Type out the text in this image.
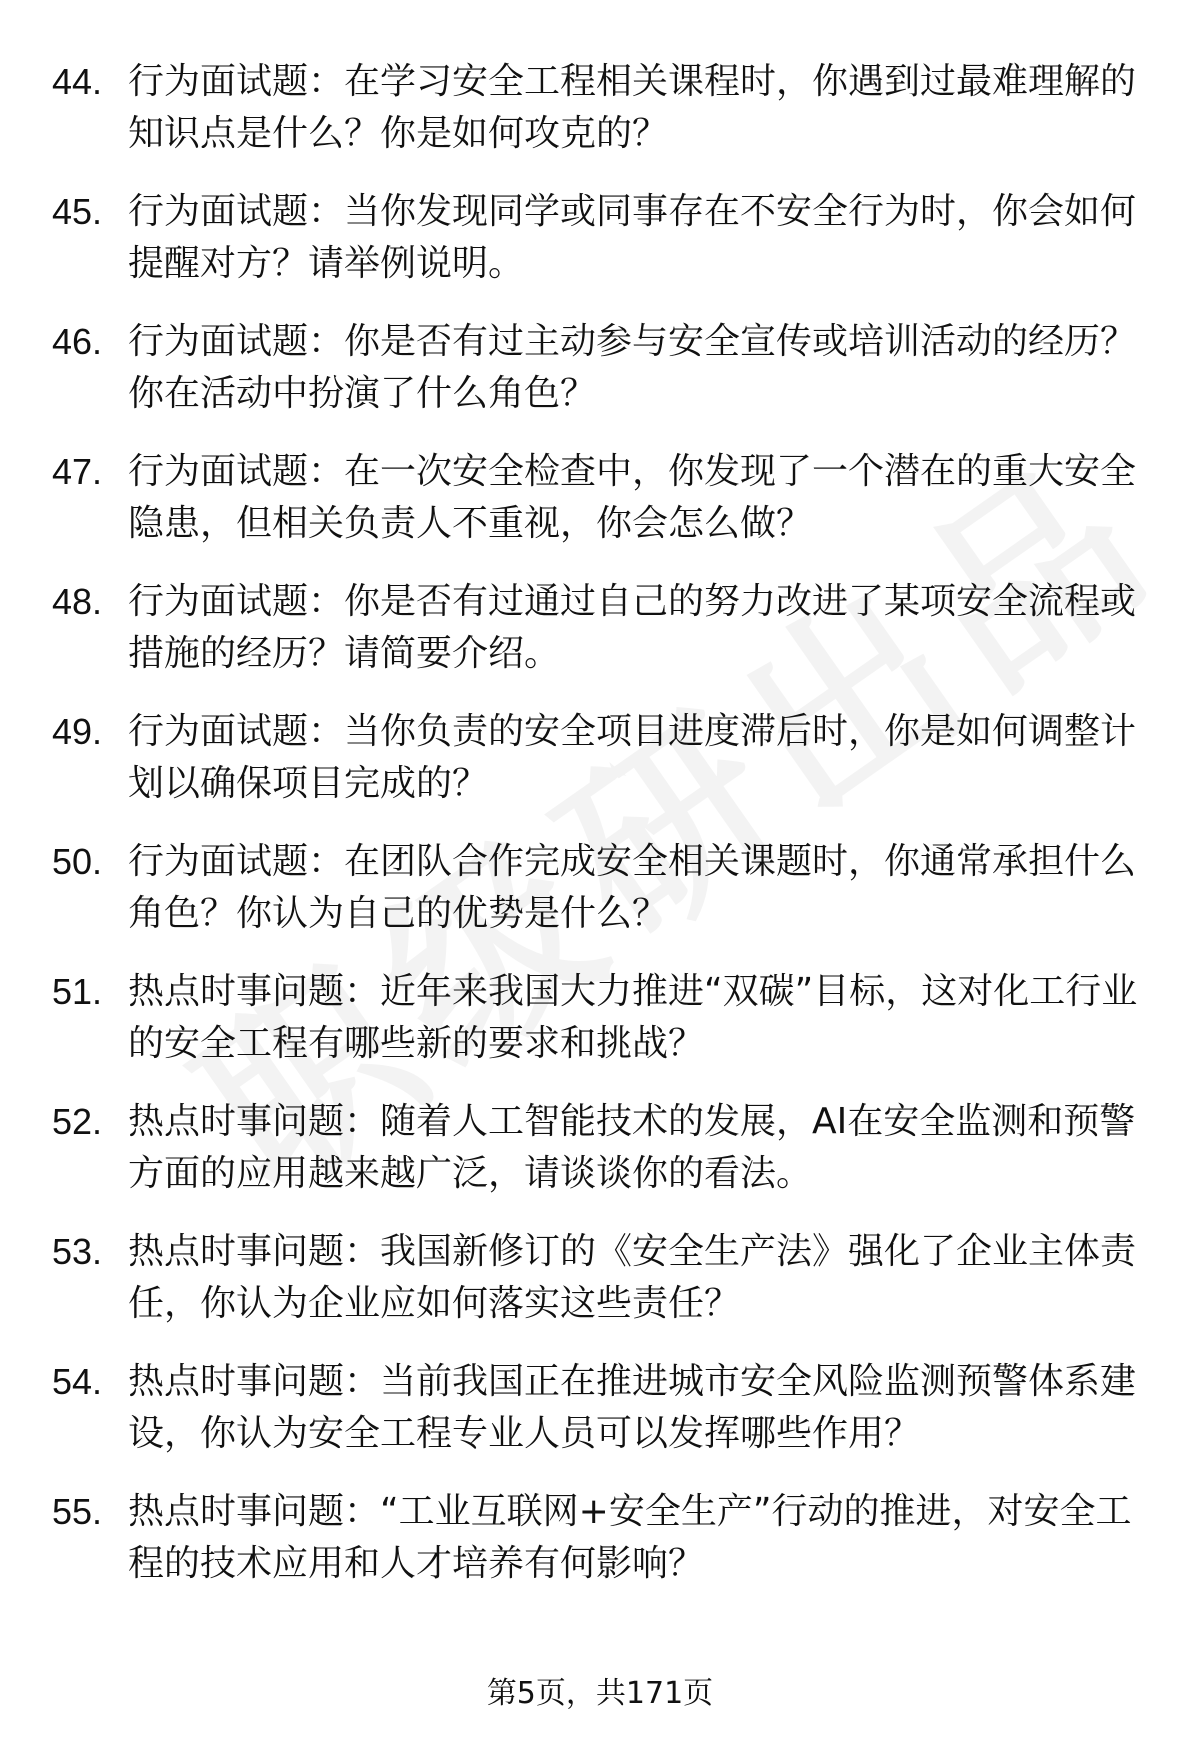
44. 行为面试题：在学习安全工程相关课程时，你遇到过最难理解的知识点是什么？你是如何攻克的？
45. 行为面试题：当你发现同学或同事存在不安全行为时，你会如何提醒对方？请举例说明。
46. 行为面试题：你是否有过主动参与安全宣传或培训活动的经历？你在活动中扮演了什么角色？
47. 行为面试题：在一次安全检查中，你发现了一个潜在的重大安全隐患，但相关负责人不重视，你会怎么做？
48. 行为面试题：你是否有过通过自己的努力改进了某项安全流程或措施的经历？请简要介绍。
49. 行为面试题：当你负责的安全项目进度滞后时，你是如何调整计划以确保项目完成的？
50. 行为面试题：在团队合作完成安全相关课题时，你通常承担什么角色？你认为自己的优势是什么？
51. 热点时事问题：近年来我国大力推进“双碳”目标，这对化工行业的安全工程有哪些新的要求和挑战？
52. 热点时事问题：随着人工智能技术的发展，AI在安全监测和预警方面的应用越来越广泛，请谈谈你的看法。
53. 热点时事问题：我国新修订的《安全生产法》强化了企业主体责任，你认为企业应如何落实这些责任？
54. 热点时事问题：当前我国正在推进城市安全风险监测预警体系建设，你认为安全工程专业人员可以发挥哪些作用？
55. 热点时事问题：“工业互联网+安全生产”行动的推进，对安全工程的技术应用和人才培养有何影响？
第5页，共171页
